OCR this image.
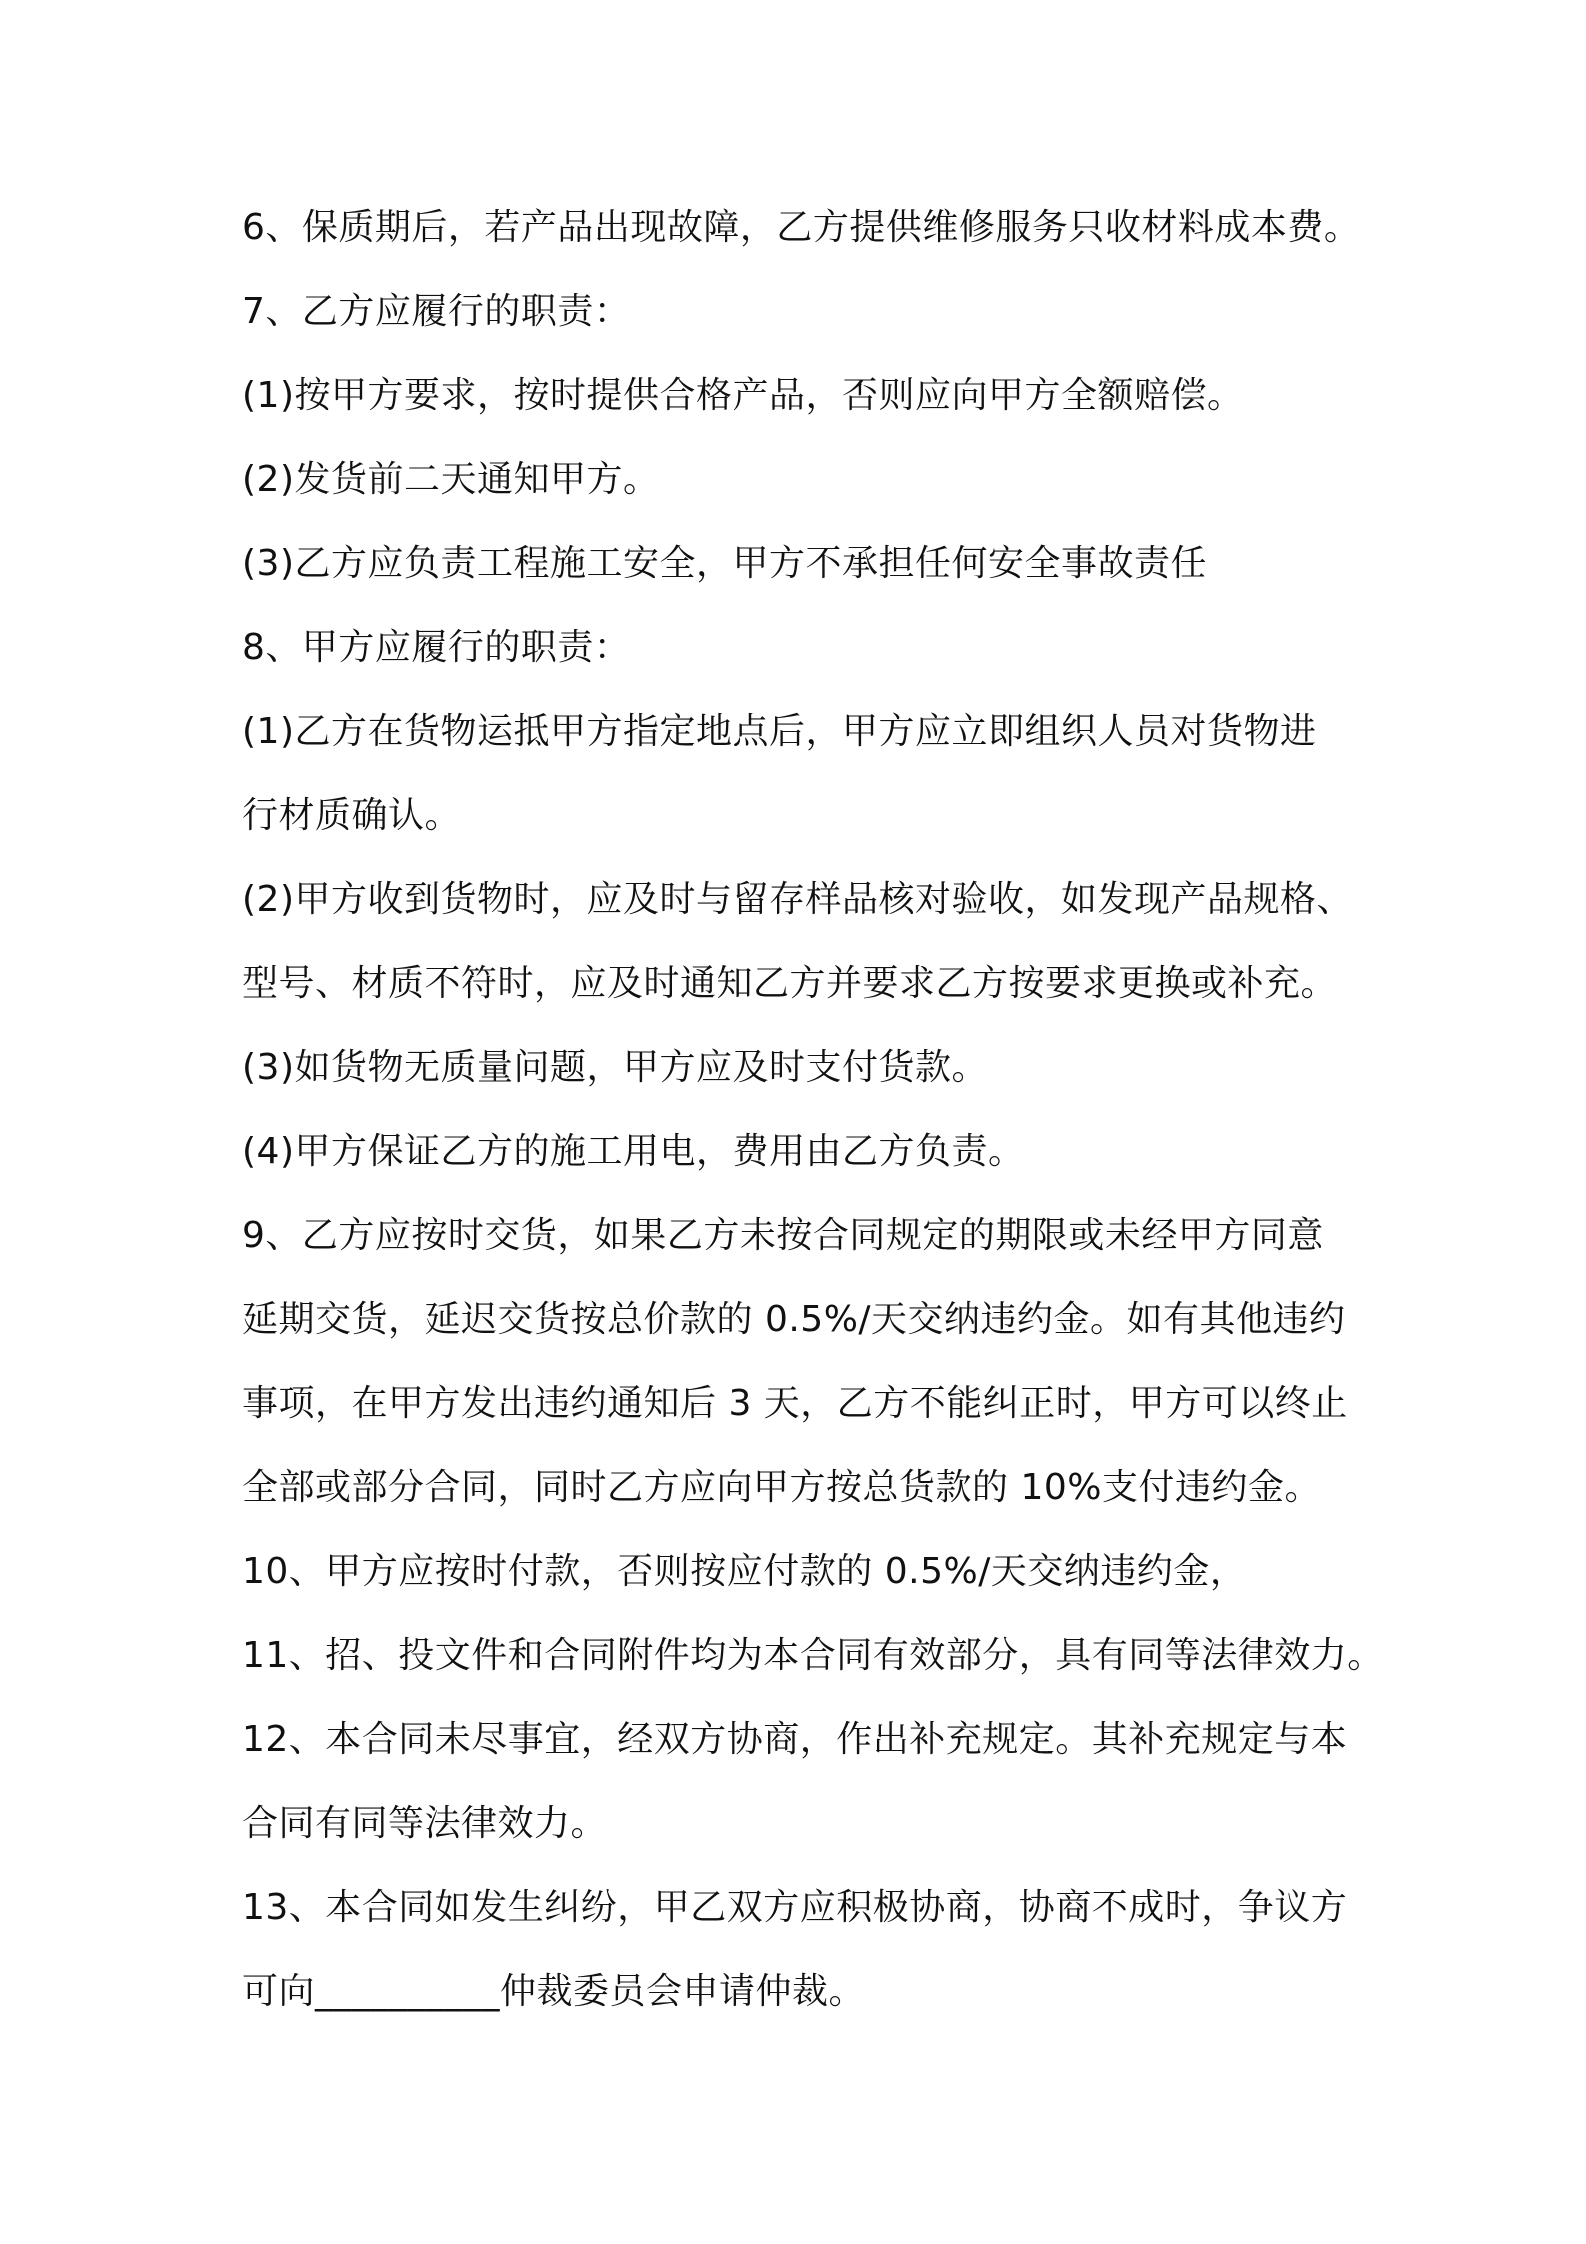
6、保质期后，若产品出现故障，乙方提供维修服务只收材料成本费。
7、乙方应履行的职责：
(1)按甲方要求，按时提供合格产品，否则应向甲方全额赔偿。
(2)发货前二天通知甲方。
(3)乙方应负责工程施工安全，甲方不承担任何安全事故责任
8、甲方应履行的职责：
(1)乙方在货物运抵甲方指定地点后，甲方应立即组织人员对货物进
行材质确认。
(2)甲方收到货物时，应及时与留存样品核对验收，如发现产品规格、
型号、材质不符时，应及时通知乙方并要求乙方按要求更换或补充。
(3)如货物无质量问题，甲方应及时支付货款。
(4)甲方保证乙方的施工用电，费用由乙方负责。
9、乙方应按时交货，如果乙方未按合同规定的期限或未经甲方同意
延期交货，延迟交货按总价款的 0.5%/天交纳违约金。如有其他违约
事项，在甲方发出违约通知后 3 天，乙方不能纠正时，甲方可以终止
全部或部分合同，同时乙方应向甲方按总货款的 10%支付违约金。
10、甲方应按时付款，否则按应付款的 0.5%/天交纳违约金，
11、招、投文件和合同附件均为本合同有效部分，具有同等法律效力。
12、本合同未尽事宜，经双方协商，作出补充规定。其补充规定与本
合同有同等法律效力。
13、本合同如发生纠纷，甲乙双方应积极协商，协商不成时，争议方
可向__________仲裁委员会申请仲裁。
